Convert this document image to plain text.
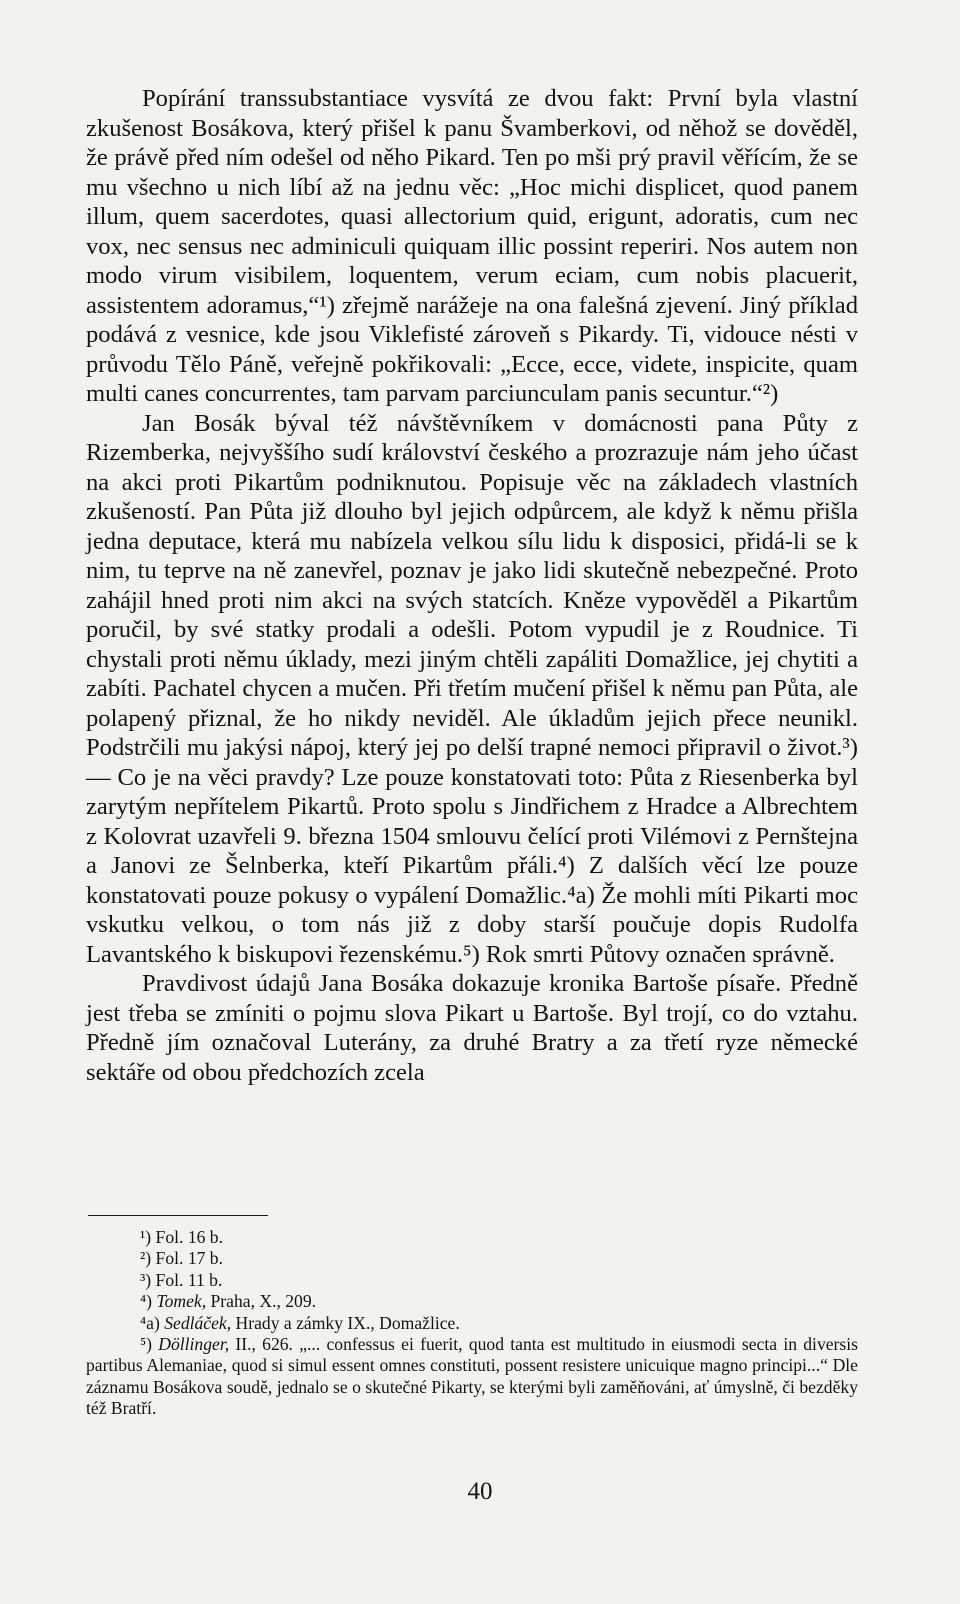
Popírání transsubstantiace vysvítá ze dvou fakt: První byla vlastní zkušenost Bosákova, který přišel k panu Švamberkovi, od něhož se dověděl, že právě před ním odešel od něho Pikard. Ten po mši prý pravil věřícím, že se mu všechno u nich líbí až na jednu věc: „Hoc michi displicet, quod panem illum, quem sacerdotes, quasi allectorium quid, erigunt, adoratis, cum nec vox, nec sensus nec adminiculi quiquam illic possint reperiri. Nos autem non modo virum visibilem, loquentem, verum eciam, cum nobis placuerit, assistentem adoramus,“¹) zřejmě narážeje na ona falešná zjevení. Jiný příklad podává z vesnice, kde jsou Viklefisté zároveň s Pikardy. Ti, vidouce nésti v průvodu Tělo Páně, veřejně pokřikovali: „Ecce, ecce, videte, inspicite, quam multi canes concurrentes, tam parvam parciunculam panis secuntur.“²)

Jan Bosák býval též návštěvníkem v domácnosti pana Půty z Rizemberka, nejvyššího sudí království českého a prozrazuje nám jeho účast na akci proti Pikartům podniknutou. Popisuje věc na základech vlastních zkušeností. Pan Půta již dlouho byl jejich odpůrcem, ale když k němu přišla jedna deputace, která mu nabízela velkou sílu lidu k disposici, přidá-li se k nim, tu teprve na ně zanevřel, poznav je jako lidi skutečně nebezpečné. Proto zahájil hned proti nim akci na svých statcích. Kněze vypověděl a Pikartům poručil, by své statky prodali a odešli. Potom vypudil je z Roudnice. Ti chystali proti němu úklady, mezi jiným chtěli zapáliti Domažlice, jej chytiti a zabíti. Pachatel chycen a mučen. Při třetím mučení přišel k němu pan Půta, ale polapený přiznal, že ho nikdy neviděl. Ale úkladům jejich přece neunikl. Podstrčili mu jakýsi nápoj, který jej po delší trapné nemoci připravil o život.³) — Co je na věci pravdy? Lze pouze konstatovati toto: Půta z Riesenberka byl zarytým nepřítelem Pikartů. Proto spolu s Jindřichem z Hradce a Albrechtem z Kolovrat uzavřeli 9. března 1504 smlouvu čelící proti Vilémovi z Pernštejna a Janovi ze Šelnberka, kteří Pikartům přáli.⁴) Z dalších věcí lze pouze konstatovati pouze pokusy o vypálení Domažlic.⁴a) Že mohli míti Pikarti moc vskutku velkou, o tom nás již z doby starší poučuje dopis Rudolfa Lavantského k biskupovi řezenskému.⁵) Rok smrti Půtovy označen správně.

Pravdivost údajů Jana Bosáka dokazuje kronika Bartoše písaře. Předně jest třeba se zmíniti o pojmu slova Pikart u Bartoše. Byl trojí, co do vztahu. Předně jím označoval Luterány, za druhé Bratry a za třetí ryze německé sektáře od obou předchozích zcela

¹) Fol. 16 b.

²) Fol. 17 b.

³) Fol. 11 b.

⁴) Tomek, Praha, X., 209.

⁴a) Sedláček, Hrady a zámky IX., Domažlice.

⁵) Döllinger, II., 626. „... confessus ei fuerit, quod tanta est multitudo in eiusmodi secta in diversis partibus Alemaniae, quod si simul essent omnes constituti, possent resistere unicuique magno principi...“ Dle záznamu Bosákova soudě, jednalo se o skutečné Pikarty, se kterými byli zaměňováni, ať úmyslně, či bezděky též Bratří.

40
